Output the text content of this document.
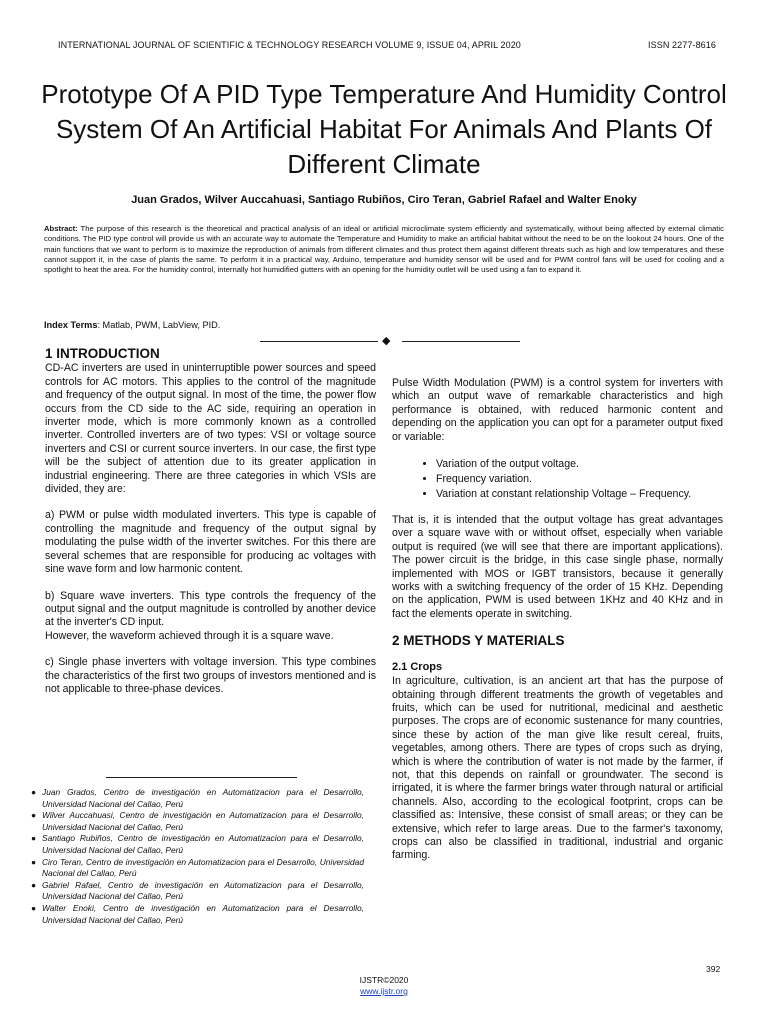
INTERNATIONAL JOURNAL OF SCIENTIFIC & TECHNOLOGY RESEARCH VOLUME 9, ISSUE 04, APRIL 2020	ISSN 2277-8616
Prototype Of A PID Type Temperature And Humidity Control System Of An Artificial Habitat For Animals And Plants Of Different Climate
Juan Grados, Wilver Auccahuasi, Santiago Rubiños, Ciro Teran, Gabriel Rafael and Walter Enoky
Abstract: The purpose of this research is the theoretical and practical analysis of an ideal or artificial microclimate system efficiently and systematically, without being affected by external climatic conditions. The PID type control will provide us with an accurate way to automate the Temperature and Humidity to make an artificial habitat without the need to be on the lookout 24 hours. One of the main functions that we want to perform is to maximize the reproduction of animals from different climates and thus protect them against different threats such as high and low temperatures and these cannot support it, in the case of plants the same. To perform it in a practical way, Arduino, temperature and humidity sensor will be used and for PWM control fans will be used for cooling and a spotlight to heat the area. For the humidity control, internally hot humidified gutters with an opening for the humidity outlet will be used using a fan to expand it.
Index Terms: Matlab, PWM, LabView, PID.
◆
1 INTRODUCTION

CD-AC inverters are used in uninterruptible power sources and speed controls for AC motors. This applies to the control of the magnitude and frequency of the output signal. In most of the time, the power flow occurs from the CD side to the AC side, requiring an operation in inverter mode, which is more commonly known as a controlled inverter. Controlled inverters are of two types: VSI or voltage source inverters and CSI or current source inverters. In our case, the first type will be the subject of attention due to its greater application in industrial engineering. There are three categories in which VSIs are divided, they are:

a) PWM or pulse width modulated inverters. This type is capable of controlling the magnitude and frequency of the output signal by modulating the pulse width of the inverter switches. For this there are several schemes that are responsible for producing ac voltages with sine wave form and low harmonic content.

b) Square wave inverters. This type controls the frequency of the output signal and the output magnitude is controlled by another device at the inverter's CD input.

However, the waveform achieved through it is a square wave.

c) Single phase inverters with voltage inversion. This type combines the characteristics of the first two groups of investors mentioned and is not applicable to three-phase devices.

● Juan Grados, Centro de investigación en Automatizacion para el Desarrollo, Universidad Nacional del Callao, Perú
● Wilver Auccahuasi, Centro de investigación en Automatizacion para el Desarrollo, Universidad Nacional del Callao, Perú
● Santiago Rubiños, Centro de investigación en Automatizacion para el Desarrollo, Universidad Nacional del Callao, Perú
● Ciro Teran, Centro de investigación en Automatizacion para el Desarrollo, Universidad Nacional del Callao, Perú
● Gabriel Rafael, Centro de investigación en Automatizacion para el Desarrollo, Universidad Nacional del Callao, Perú
● Walter Enoki, Centro de investigación en Automatizacion para el Desarrollo, Universidad Nacional del Callao, Perú

Pulse Width Modulation (PWM) is a control system for inverters with which an output wave of remarkable characteristics and high performance is obtained, with reduced harmonic content and depending on the application you can opt for a parameter output fixed or variable:

• Variation of the output voltage.
• Frequency variation.
• Variation at constant relationship Voltage – Frequency.

That is, it is intended that the output voltage has great advantages over a square wave with or without offset, especially when variable output is required (we will see that there are important applications). The power circuit is the bridge, in this case single phase, normally implemented with MOS or IGBT transistors, because it generally works with a switching frequency of the order of 15 KHz. Depending on the application, PWM is used between 1KHz and 40 KHz and in fact the elements operate in switching.

2 METHODS Y MATERIALS
2.1 Crops

In agriculture, cultivation, is an ancient art that has the purpose of obtaining through different treatments the growth of vegetables and fruits, which can be used for nutritional, medicinal and aesthetic purposes. The crops are of economic sustenance for many countries, since these by action of the man give like result cereal, fruits, vegetables, among others. There are types of crops such as drying, which is where the contribution of water is not made by the farmer, if not, that this depends on rainfall or groundwater. The second is irrigated, it is where the farmer brings water through natural or artificial channels. Also, according to the ecological footprint, crops can be classified as: Intensive, these consist of small areas; or they can be extensive, which refer to large areas. Due to the farmer's taxonomy, crops can also be classified in traditional, industrial and organic farming.

392
IJSTR©2020
www.ijstr.org
